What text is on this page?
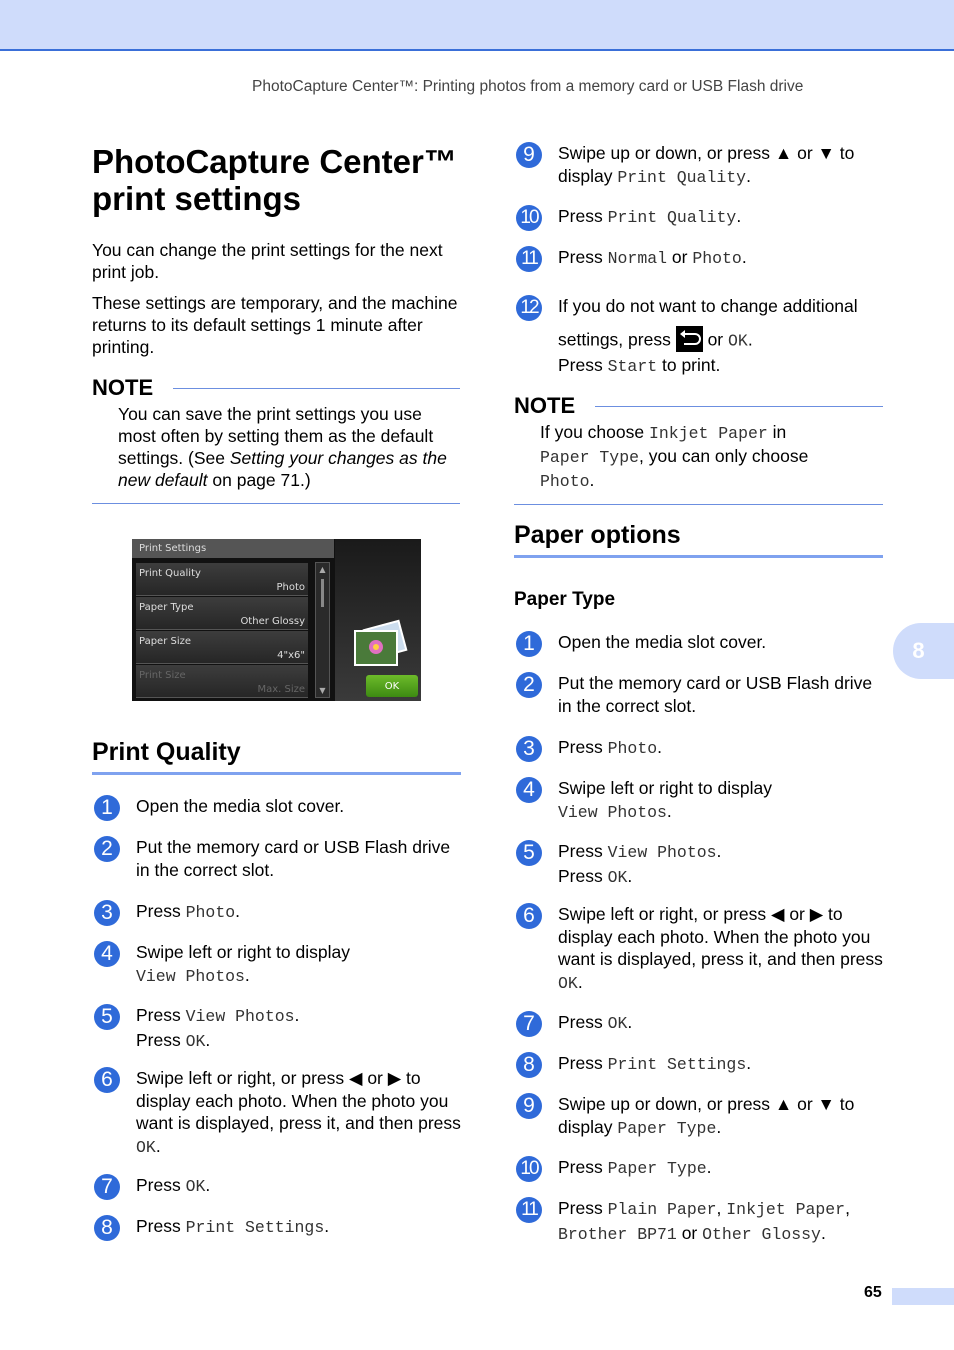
PhotoCapture Center™: Printing photos from a memory card or USB Flash drive
PhotoCapture Center™ print settings

You can change the print settings for the next print job.

These settings are temporary, and the machine returns to its default settings 1 minute after printing.

NOTE

You can save the print settings you use most often by setting them as the default settings. (See Setting your changes as the new default on page 71.)

Print Settings
Print Quality
Photo
Paper Type
Other Glossy
Paper Size
4"x6"
Print Size
Max. Size
▲
▼	OK
Print Quality
1	Open the media slot cover.
2	Put the memory card or USB Flash drive in the correct slot.
3	Press Photo.
4	Swipe left or right to display
View Photos.
5	Press View Photos.
Press OK.
6	Swipe left or right, or press ◀ or ▶ to display each photo. When the photo you want is displayed, press it, and then press OK.
7	Press OK.
8	Press Print Settings.
9	Swipe up or down, or press ▲ or ▼ to display Print Quality.
10 Press Print Quality.
11 Press Normal or Photo.
12 If you do not want to change additional
settings, press  or OK.
Press Start to print.
NOTE

If you choose Inkjet Paper in
Paper Type, you can only choose
Photo.

Paper options
Paper Type
1	Open the media slot cover.
2	Put the memory card or USB Flash drive in the correct slot.
3	Press Photo.
4	Swipe left or right to display
View Photos.
5	Press View Photos.
Press OK.
6	Swipe left or right, or press ◀ or ▶ to display each photo. When the photo you want is displayed, press it, and then press OK.
7	Press OK.
8	Press Print Settings.
9	Swipe up or down, or press ▲ or ▼ to display Paper Type.
10 Press Paper Type.
11 Press Plain Paper, Inkjet Paper,
Brother BP71 or Other Glossy.
8
65
